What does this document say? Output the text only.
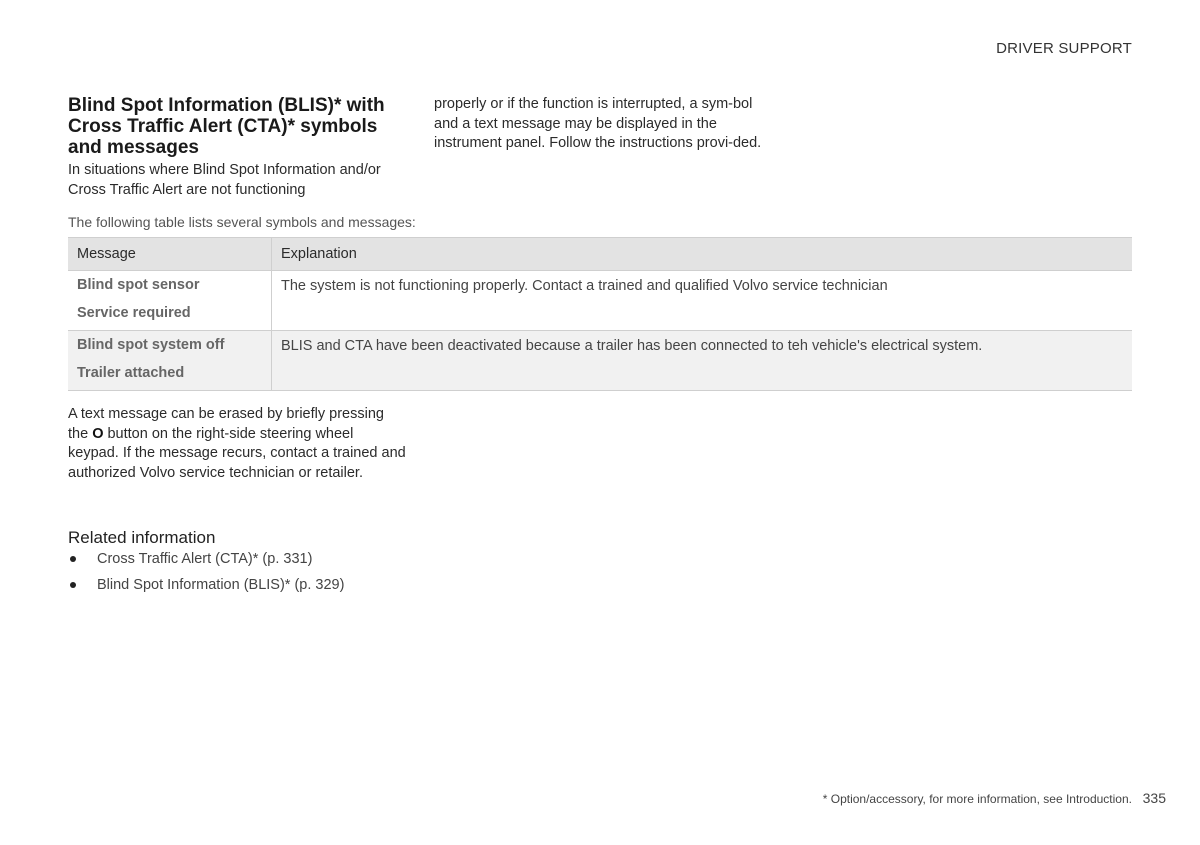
DRIVER SUPPORT
Blind Spot Information (BLIS)* with Cross Traffic Alert (CTA)* symbols and messages

In situations where Blind Spot Information and/or Cross Traffic Alert are not functioning

properly or if the function is interrupted, a sym-bol and a text message may be displayed in the instrument panel. Follow the instructions provi-ded.

The following table lists several symbols and messages:

Message	Explanation

Blind spot sensor
Service required	The system is not functioning properly. Contact a trained and qualified Volvo service technician

Blind spot system off
Trailer attached	BLIS and CTA have been deactivated because a trailer has been connected to teh vehicle's electrical system.

A text message can be erased by briefly pressing the O button on the right-side steering wheel keypad. If the message recurs, contact a trained and authorized Volvo service technician or retailer.

Related information
Cross Traffic Alert (CTA)* (p. 331)
Blind Spot Information (BLIS)* (p. 329)
* Option/accessory, for more information, see Introduction. 335
